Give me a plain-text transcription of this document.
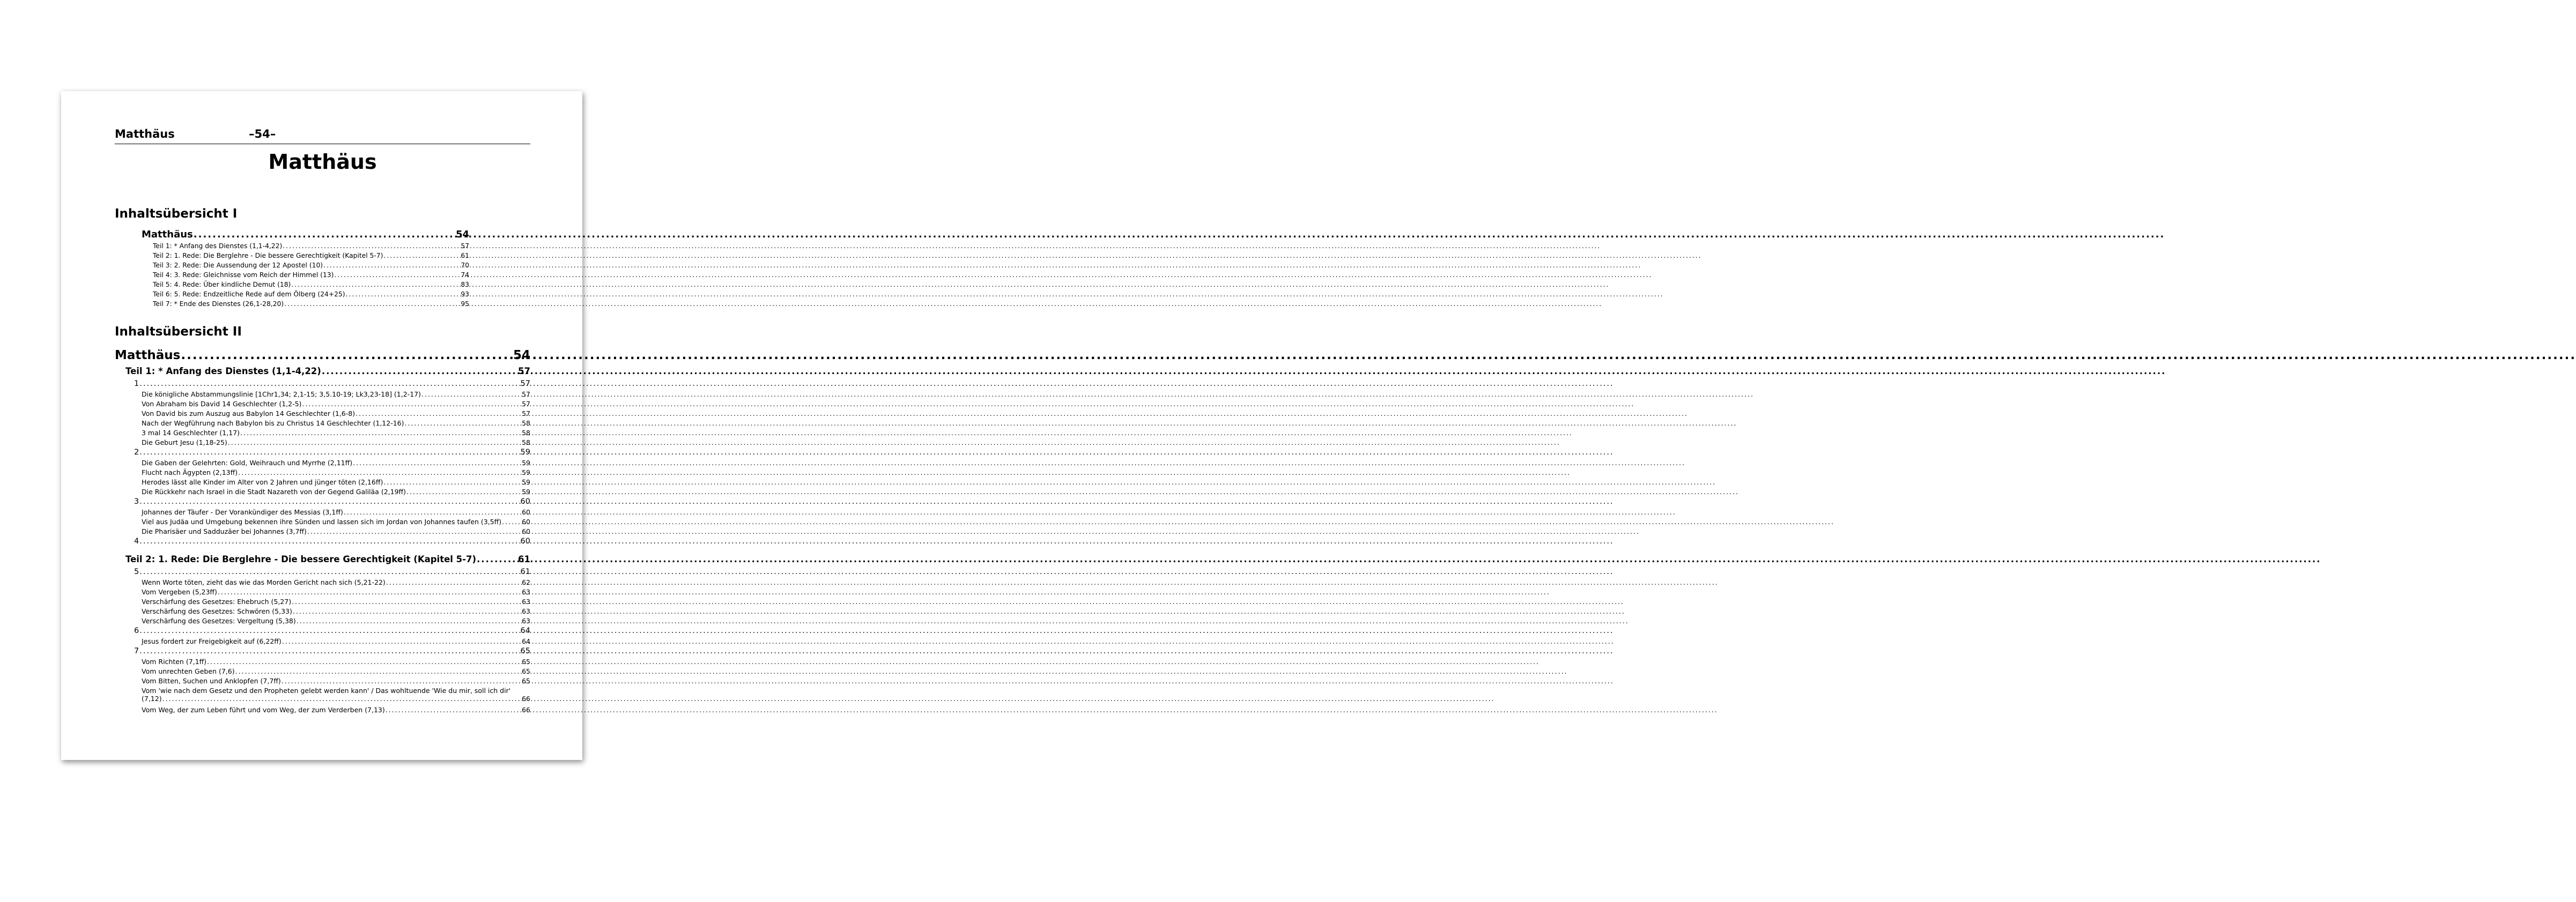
Matthäus	–54–
Matthäus
Inhaltsübersicht I
Matthäus .....	54
Teil 1: * Anfang des Dienstes (1,1-4,22) .....	57
Teil 2: 1. Rede: Die Berglehre - Die bessere Gerechtigkeit (Kapitel 5-7) .....	61
Teil 3: 2. Rede: Die Aussendung der 12 Apostel (10) .....	70
Teil 4: 3. Rede: Gleichnisse vom Reich der Himmel (13) .....	74
Teil 5: 4. Rede: Über kindliche Demut (18) .....	83
Teil 6: 5. Rede: Endzeitliche Rede auf dem Ölberg (24+25) .....	93
Teil 7: * Ende des Dienstes (26,1-28,20) .....	95
Inhaltsübersicht II
Matthäus .....	54
Teil 1: * Anfang des Dienstes (1,1-4,22) .....	57
1 .....	57
Die königliche Abstammungslinie [1Chr1,34; 2,1-15; 3,5.10-19; Lk3,23-18] (1,2-17) .....	57
Von Abraham bis David 14 Geschlechter (1,2-5) .....	57
Von David bis zum Auszug aus Babylon 14 Geschlechter (1,6-8) .....	57
Nach der Wegführung nach Babylon bis zu Christus 14 Geschlechter (1,12-16) .....	58
3 mal 14 Geschlechter (1,17) .....	58
Die Geburt Jesu (1,18-25) .....	58
2 .....	59
Die Gaben der Gelehrten: Gold, Weihrauch und Myrrhe (2,11ff) .....	59
Flucht nach Ägypten (2,13ff) .....	59
Herodes lässt alle Kinder im Alter von 2 Jahren und jünger töten (2,16ff) .....	59
Die Rückkehr nach Israel in die Stadt Nazareth von der Gegend Galiläa (2,19ff) .....	59
3 .....	60
Johannes der Täufer - Der Vorankündiger des Messias (3,1ff) .....	60
Viel aus Judäa und Umgebung bekennen ihre Sünden und lassen sich im Jordan von Johannes taufen (3,5ff) .....	60
Die Pharisäer und Sadduzäer bei Johannes (3,7ff) .....	60
4 .....	60
Teil 2: 1. Rede: Die Berglehre - Die bessere Gerechtigkeit (Kapitel 5-7) .....	61
5 .....	61
Wenn Worte töten, zieht das wie das Morden Gericht nach sich (5,21-22) .....	62
Vom Vergeben (5,23ff) .....	63
Verschärfung des Gesetzes: Ehebruch (5,27) .....	63
Verschärfung des Gesetzes: Schwören (5,33) .....	63
Verschärfung des Gesetzes: Vergeltung (5,38) .....	63
6 .....	64
Jesus fordert zur Freigebigkeit auf (6,22ff) .....	64
7 .....	65
Vom Richten (7,1ff) .....	65
Vom unrechten Geben (7,6) .....	65
Vom Bitten, Suchen und Anklopfen (7,7ff) .....	65
Vom 'wie nach dem Gesetz und den Propheten gelebt werden kann' / Das wohltuende 'Wie du mir, soll ich dir'
(7,12) .....	66
Vom Weg, der zum Leben führt und vom Weg, der zum Verderben (7,13) .....	66
